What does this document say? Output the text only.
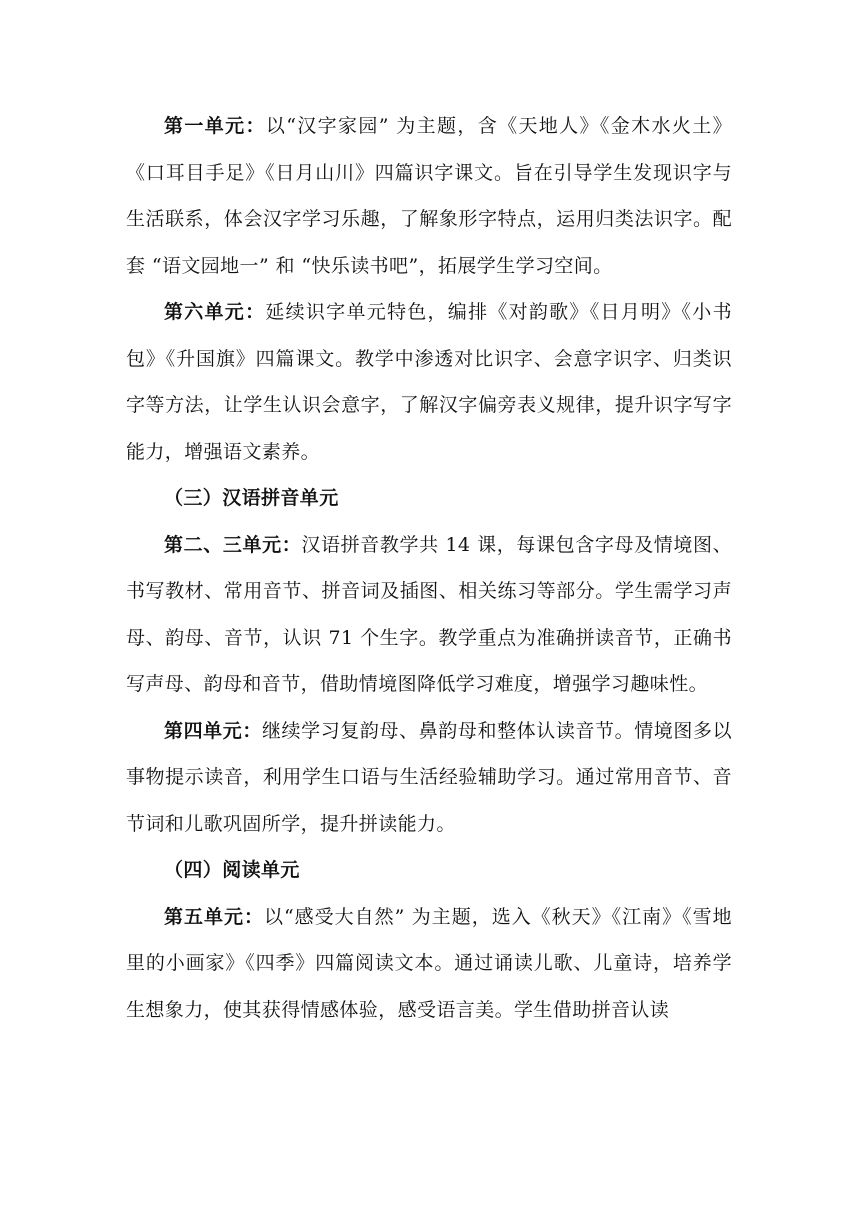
第一单元：以“汉字家园” 为主题，含《天地人》《金木水火土》《口耳目手足》《日月山川》四篇识字课文。旨在引导学生发现识字与生活联系，体会汉字学习乐趣，了解象形字特点，运用归类法识字。配套 “语文园地一” 和 “快乐读书吧”，拓展学生学习空间。

第六单元：延续识字单元特色，编排《对韵歌》《日月明》《小书包》《升国旗》四篇课文。教学中渗透对比识字、会意字识字、归类识字等方法，让学生认识会意字，了解汉字偏旁表义规律，提升识字写字能力，增强语文素养。

（三）汉语拼音单元

第二、三单元：汉语拼音教学共 14 课，每课包含字母及情境图、书写教材、常用音节、拼音词及插图、相关练习等部分。学生需学习声母、韵母、音节，认识 71 个生字。教学重点为准确拼读音节，正确书写声母、韵母和音节，借助情境图降低学习难度，增强学习趣味性。

第四单元：继续学习复韵母、鼻韵母和整体认读音节。情境图多以事物提示读音，利用学生口语与生活经验辅助学习。通过常用音节、音节词和儿歌巩固所学，提升拼读能力。

（四）阅读单元

第五单元：以“感受大自然” 为主题，选入《秋天》《江南》《雪地里的小画家》《四季》四篇阅读文本。通过诵读儿歌、儿童诗，培养学生想象力，使其获得情感体验，感受语言美。学生借助拼音认读
